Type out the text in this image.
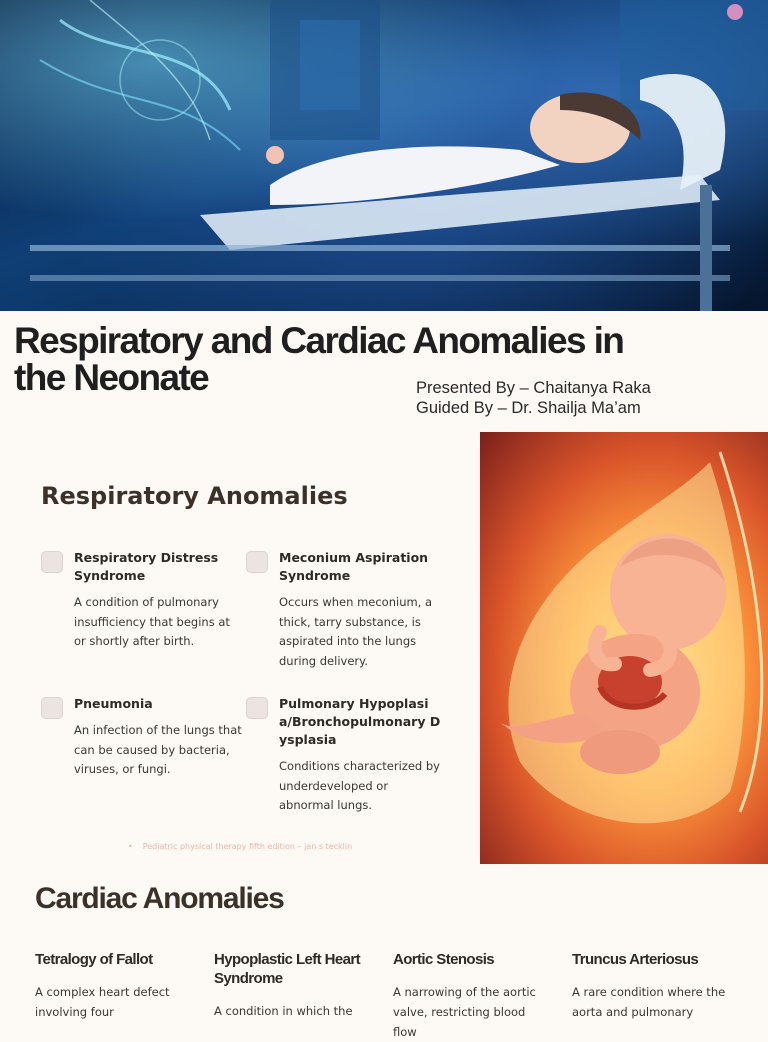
Respiratory and Cardiac Anomalies in the Neonate	Presented By – Chaitanya Raka
Guided By – Dr. Shailja Ma’am
Respiratory Anomalies
Respiratory Distress Syndrome
A condition of pulmonary insufficiency that begins at or shortly after birth.
Meconium Aspiration Syndrome
Occurs when meconium, a thick, tarry substance, is aspirated into the lungs during delivery.
Pneumonia
An infection of the lungs that can be caused by bacteria, viruses, or fungi.
Pulmonary Hypoplasia/Bronchopulmonary Dysplasia
Conditions characterized by underdeveloped or abnormal lungs.
• Pediatric physical therapy fifth edition – jan s tecklin
Cardiac Anomalies
Tetralogy of Fallot
A complex heart defect involving four
Hypoplastic Left Heart Syndrome
A condition in which the
Aortic Stenosis
A narrowing of the aortic valve, restricting blood flow
Truncus Arteriosus
A rare condition where the aorta and pulmonary
